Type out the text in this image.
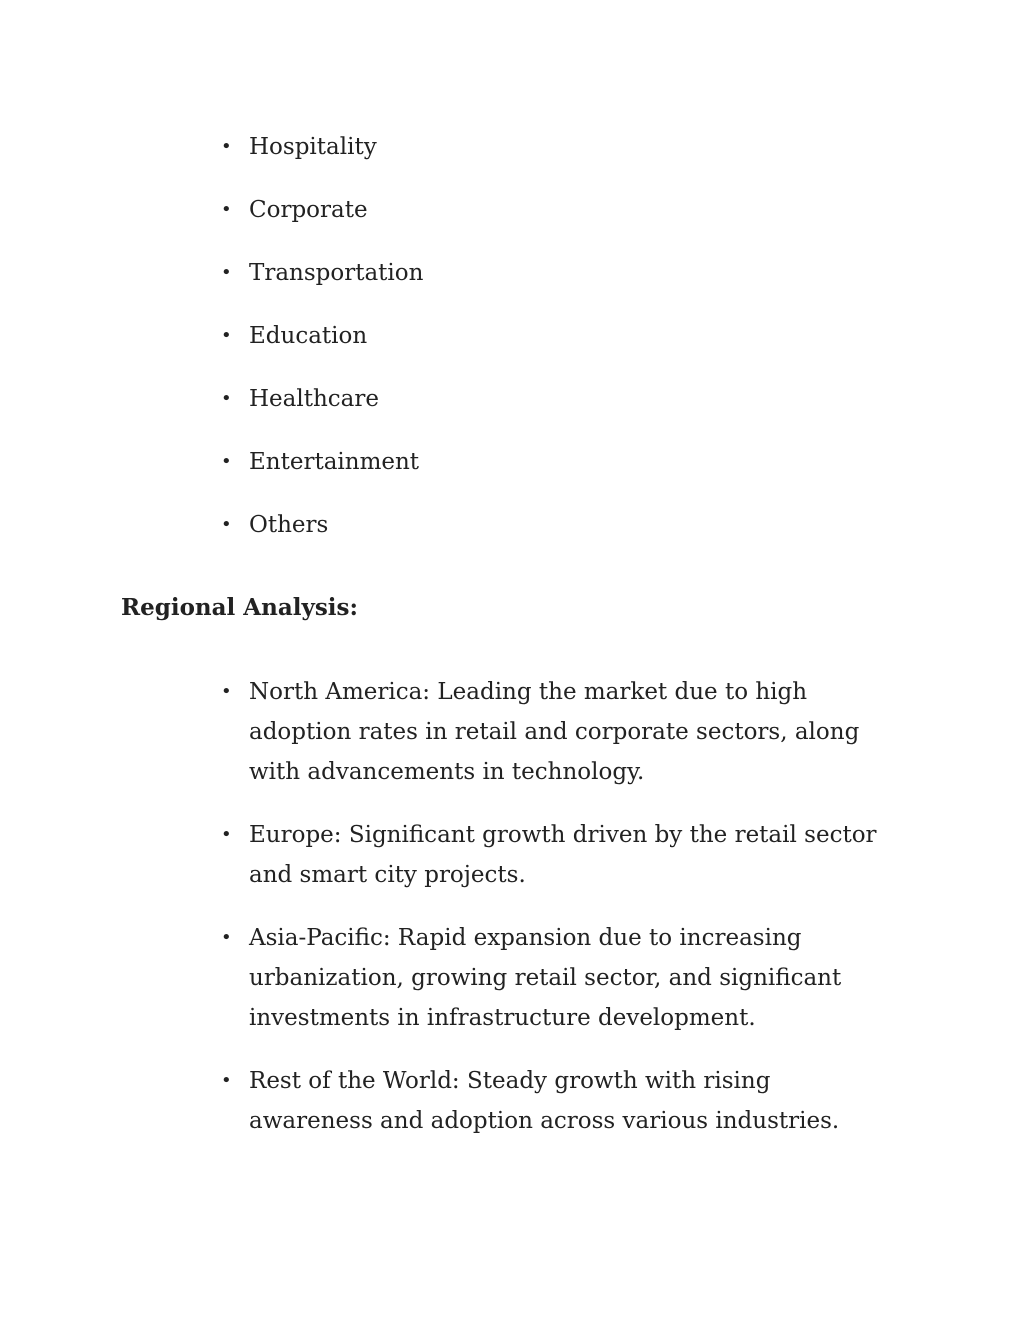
• Hospitality
• Corporate
• Transportation
• Education
• Healthcare
• Entertainment
• Others
Regional Analysis:
• North America: Leading the market due to high adoption rates in retail and corporate sectors, along with advancements in technology.
• Europe: Significant growth driven by the retail sector and smart city projects.
• Asia-Pacific: Rapid expansion due to increasing urbanization, growing retail sector, and significant investments in infrastructure development.
• Rest of the World: Steady growth with rising awareness and adoption across various industries.
